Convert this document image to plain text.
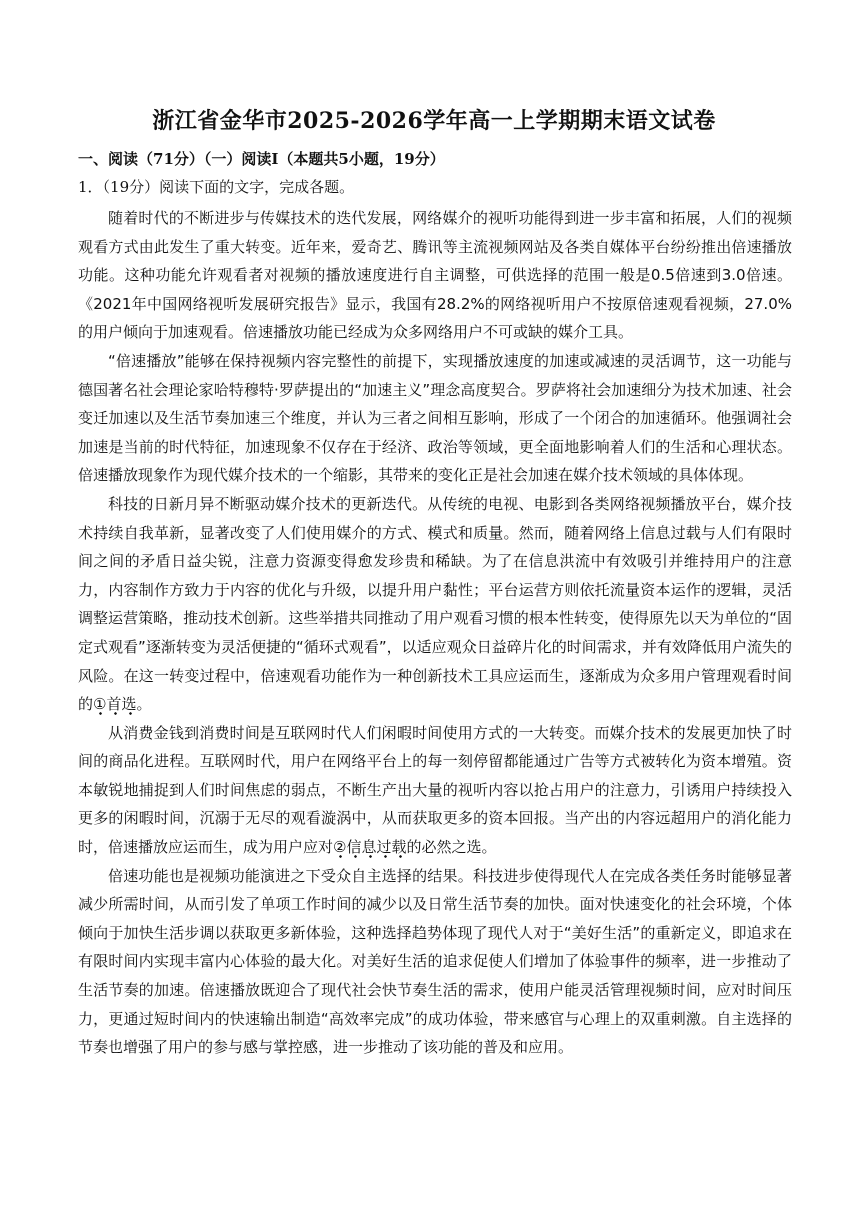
浙江省金华市2025-2026学年高一上学期期末语文试卷
一、阅读（71分）（一）阅读Ⅰ（本题共5小题，19分）
1．（19分）阅读下面的文字，完成各题。

随着时代的不断进步与传媒技术的迭代发展，网络媒介的视听功能得到进一步丰富和拓展，人们的视频观看方式由此发生了重大转变。近年来，爱奇艺、腾讯等主流视频网站及各类自媒体平台纷纷推出倍速播放功能。这种功能允许观看者对视频的播放速度进行自主调整，可供选择的范围一般是0.5倍速到3.0倍速。《2021年中国网络视听发展研究报告》显示，我国有28.2%的网络视听用户不按原倍速观看视频，27.0%的用户倾向于加速观看。倍速播放功能已经成为众多网络用户不可或缺的媒介工具。

“倍速播放”能够在保持视频内容完整性的前提下，实现播放速度的加速或减速的灵活调节，这一功能与德国著名社会理论家哈特穆特·罗萨提出的“加速主义”理念高度契合。罗萨将社会加速细分为技术加速、社会变迁加速以及生活节奏加速三个维度，并认为三者之间相互影响，形成了一个闭合的加速循环。他强调社会加速是当前的时代特征，加速现象不仅存在于经济、政治等领域，更全面地影响着人们的生活和心理状态。倍速播放现象作为现代媒介技术的一个缩影，其带来的变化正是社会加速在媒介技术领域的具体体现。

科技的日新月异不断驱动媒介技术的更新迭代。从传统的电视、电影到各类网络视频播放平台，媒介技术持续自我革新，显著改变了人们使用媒介的方式、模式和质量。然而，随着网络上信息过载与人们有限时间之间的矛盾日益尖锐，注意力资源变得愈发珍贵和稀缺。为了在信息洪流中有效吸引并维持用户的注意力，内容制作方致力于内容的优化与升级，以提升用户黏性；平台运营方则依托流量资本运作的逻辑，灵活调整运营策略，推动技术创新。这些举措共同推动了用户观看习惯的根本性转变，使得原先以天为单位的“固定式观看”逐渐转变为灵活便捷的“循环式观看”，以适应观众日益碎片化的时间需求，并有效降低用户流失的风险。在这一转变过程中，倍速观看功能作为一种创新技术工具应运而生，逐渐成为众多用户管理观看时间的①首选。

从消费金钱到消费时间是互联网时代人们闲暇时间使用方式的一大转变。而媒介技术的发展更加快了时间的商品化进程。互联网时代，用户在网络平台上的每一刻停留都能通过广告等方式被转化为资本增殖。资本敏锐地捕捉到人们时间焦虑的弱点，不断生产出大量的视听内容以抢占用户的注意力，引诱用户持续投入更多的闲暇时间，沉溺于无尽的观看漩涡中，从而获取更多的资本回报。当产出的内容远超用户的消化能力时，倍速播放应运而生，成为用户应对②信息过载的必然之选。

倍速功能也是视频功能演进之下受众自主选择的结果。科技进步使得现代人在完成各类任务时能够显著减少所需时间，从而引发了单项工作时间的减少以及日常生活节奏的加快。面对快速变化的社会环境，个体倾向于加快生活步调以获取更多新体验，这种选择趋势体现了现代人对于“美好生活”的重新定义，即追求在有限时间内实现丰富内心体验的最大化。对美好生活的追求促使人们增加了体验事件的频率，进一步推动了生活节奏的加速。倍速播放既迎合了现代社会快节奏生活的需求，使用户能灵活管理视频时间，应对时间压力，更通过短时间内的快速输出制造“高效率完成”的成功体验，带来感官与心理上的双重刺激。自主选择的节奏也增强了用户的参与感与掌控感，进一步推动了该功能的普及和应用。
